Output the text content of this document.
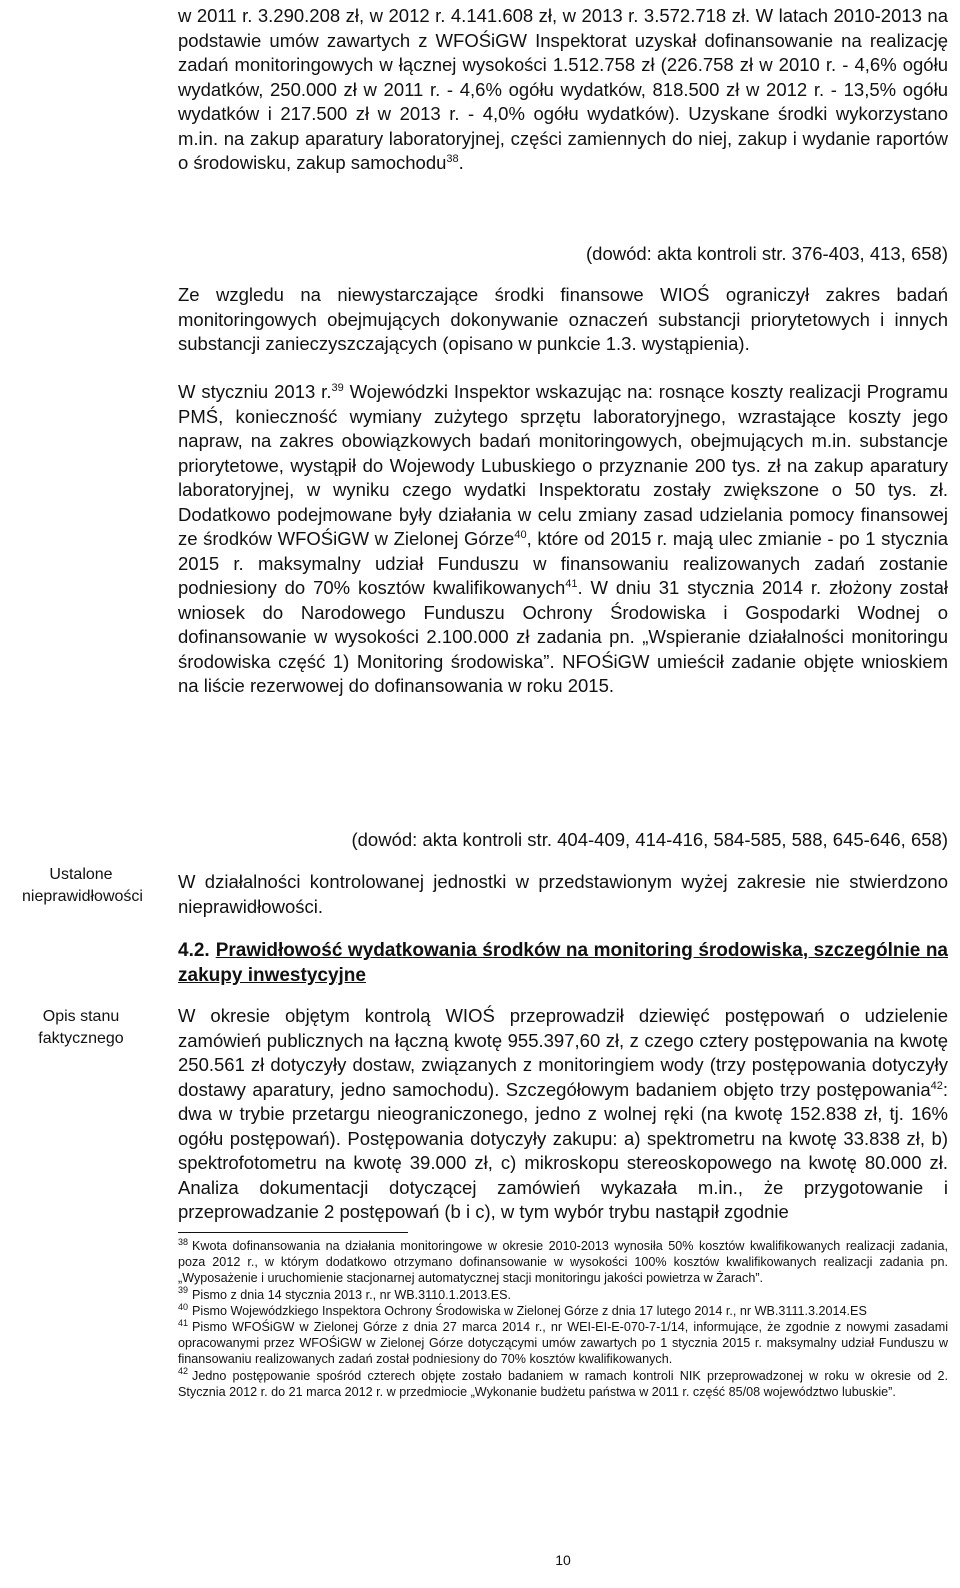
w 2011 r. 3.290.208 zł, w 2012 r. 4.141.608 zł, w 2013 r. 3.572.718 zł. W latach 2010-2013 na podstawie umów zawartych z WFOŚiGW Inspektorat uzyskał dofinansowanie na realizację zadań monitoringowych w łącznej wysokości 1.512.758 zł (226.758 zł w 2010 r. - 4,6% ogółu wydatków, 250.000 zł w 2011 r. - 4,6% ogółu wydatków, 818.500 zł w 2012 r. - 13,5% ogółu wydatków i 217.500 zł w 2013 r. - 4,0% ogółu wydatków). Uzyskane środki wykorzystano m.in. na zakup aparatury laboratoryjnej, części zamiennych do niej, zakup i wydanie raportów o środowisku, zakup samochodu$^{38}$.

(dowód: akta kontroli str. 376-403, 413, 658)

Ze wzgledu na niewystarczające środki finansowe WIOŚ ograniczył zakres badań monitoringowych obejmujących dokonywanie oznaczeń substancji priorytetowych i innych substancji zanieczyszczających (opisano w punkcie 1.3. wystąpienia).

W styczniu 2013 r.$^{39}$ Wojewódzki Inspektor wskazując na: rosnące koszty realizacji Programu PMŚ, konieczność wymiany zużytego sprzętu laboratoryjnego, wzrastające koszty jego napraw, na zakres obowiązkowych badań monitoringowych, obejmujących m.in. substancje priorytetowe, wystąpił do Wojewody Lubuskiego o przyznanie 200 tys. zł na zakup aparatury laboratoryjnej, w wyniku czego wydatki Inspektoratu zostały zwiększone o 50 tys. zł. Dodatkowo podejmowane były działania w celu zmiany zasad udzielania pomocy finansowej ze środków WFOŚiGW w Zielonej Górze$^{40}$, które od 2015 r. mają ulec zmianie - po 1 stycznia 2015 r. maksymalny udział Funduszu w finansowaniu realizowanych zadań zostanie podniesiony do 70% kosztów kwalifikowanych$^{41}$. W dniu 31 stycznia 2014 r. złożony został wniosek do Narodowego Funduszu Ochrony Środowiska i Gospodarki Wodnej o dofinansowanie w wysokości 2.100.000 zł zadania pn. „Wspieranie działalności monitoringu środowiska część 1) Monitoring środowiska”. NFOŚiGW umieścił zadanie objęte wnioskiem na liście rezerwowej do dofinansowania w roku 2015.

(dowód: akta kontroli str. 404-409, 414-416, 584-585, 588, 645-646, 658)

Ustalone nieprawidłowości

W działalności kontrolowanej jednostki w przedstawionym wyżej zakresie nie stwierdzono nieprawidłowości.

4.2. Prawidłowość wydatkowania środków na monitoring środowiska, szczególnie na zakupy inwestycyjne

Opis stanu faktycznego

W okresie objętym kontrolą WIOŚ przeprowadził dziewięć postępowań o udzielenie zamówień publicznych na łączną kwotę 955.397,60 zł, z czego cztery postępowania na kwotę 250.561 zł dotyczyły dostaw, związanych z monitoringiem wody (trzy postępowania dotyczyły dostawy aparatury, jedno samochodu). Szczegółowym badaniem objęto trzy postępowania$^{42}$: dwa w trybie przetargu nieograniczonego, jedno z wolnej ręki (na kwotę 152.838 zł, tj. 16% ogółu postępowań). Postępowania dotyczyły zakupu: a) spektrometru na kwotę 33.838 zł, b) spektrofotometru na kwotę 39.000 zł, c) mikroskopu stereoskopowego na kwotę 80.000 zł. Analiza dokumentacji dotyczącej zamówień wykazała m.in., że przygotowanie i przeprowadzanie 2 postępowań (b i c), w tym wybór trybu nastąpił zgodnie

$^{38}$ Kwota dofinansowania na działania monitoringowe w okresie 2010-2013 wynosiła 50% kosztów kwalifikowanych realizacji zadania, poza 2012 r., w którym dodatkowo otrzymano dofinansowanie w wysokości 100% kosztów kwalifikowanych realizacji zadania pn. „Wyposażenie i uruchomienie stacjonarnej automatycznej stacji monitoringu jakości powietrza w Żarach”.

$^{39}$ Pismo z dnia 14 stycznia 2013 r., nr WB.3110.1.2013.ES.

$^{40}$ Pismo Wojewódzkiego Inspektora Ochrony Środowiska w Zielonej Górze z dnia 17 lutego 2014 r., nr WB.3111.3.2014.ES

$^{41}$ Pismo WFOŚiGW w Zielonej Górze z dnia 27 marca 2014 r., nr WEI-EI-E-070-7-1/14, informujące, że zgodnie z nowymi zasadami opracowanymi przez WFOŚiGW w Zielonej Górze dotyczącymi umów zawartych po 1 stycznia 2015 r. maksymalny udział Funduszu w finansowaniu realizowanych zadań został podniesiony do 70% kosztów kwalifikowanych.

$^{42}$ Jedno postępowanie spośród czterech objęte zostało badaniem w ramach kontroli NIK przeprowadzonej w roku w okresie od 2. Stycznia 2012 r. do 21 marca 2012 r. w przedmiocie „Wykonanie budżetu państwa w 2011 r. część 85/08 województwo lubuskie”.

10
